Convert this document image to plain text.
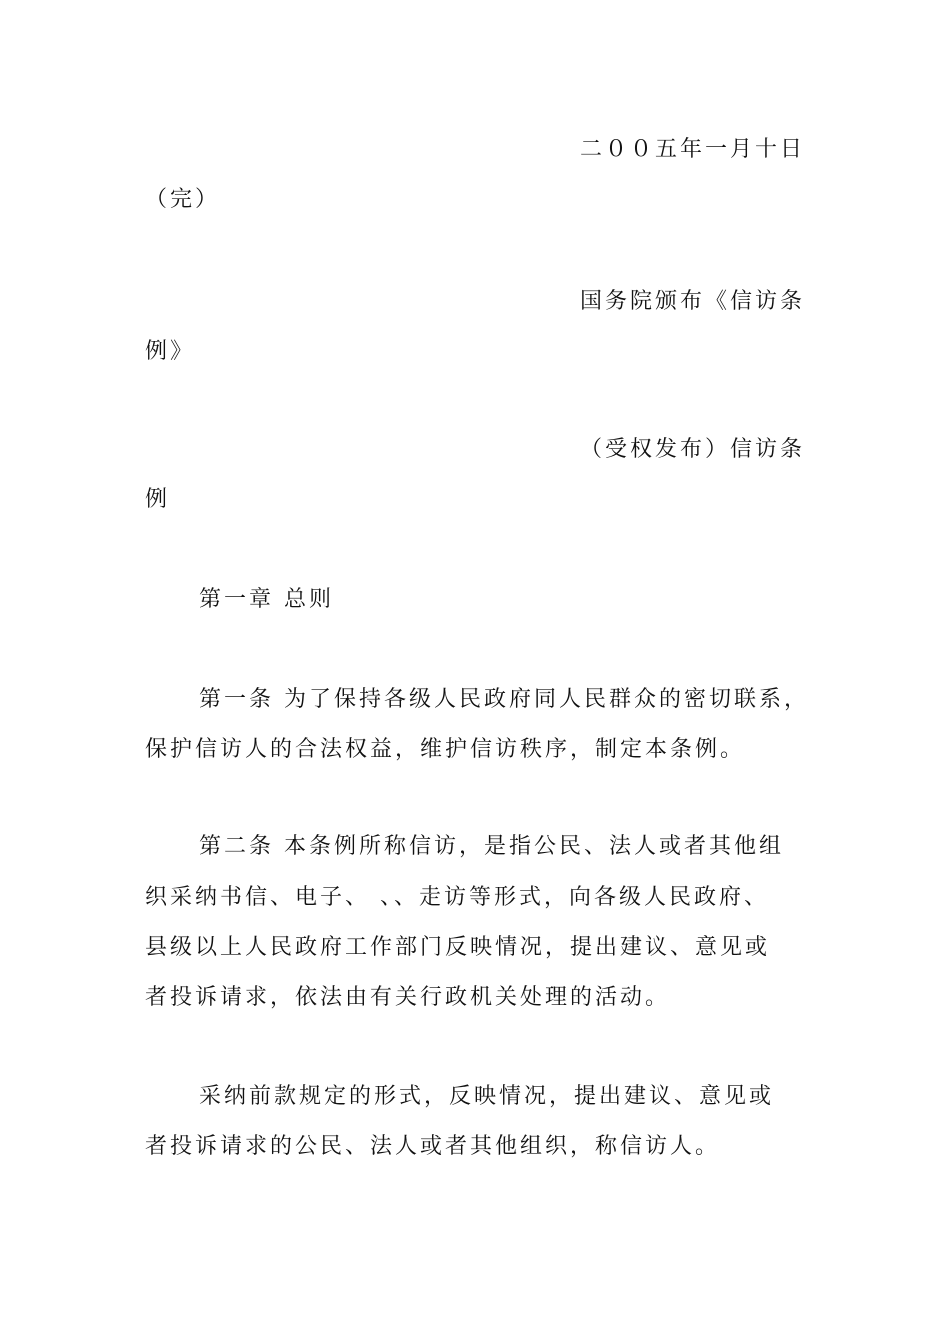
二００五年一月十日
（完）
国务院颁布《信访条
例》
（受权发布）信访条
例
第一章 总则
第一条 为了保持各级人民政府同人民群众的密切联系，
保护信访人的合法权益，维护信访秩序，制定本条例。
第二条 本条例所称信访，是指公民、法人或者其他组
织采纳书信、电子、 、、走访等形式，向各级人民政府、
县级以上人民政府工作部门反映情况，提出建议、意见或
者投诉请求，依法由有关行政机关处理的活动。
采纳前款规定的形式，反映情况，提出建议、意见或
者投诉请求的公民、法人或者其他组织，称信访人。
